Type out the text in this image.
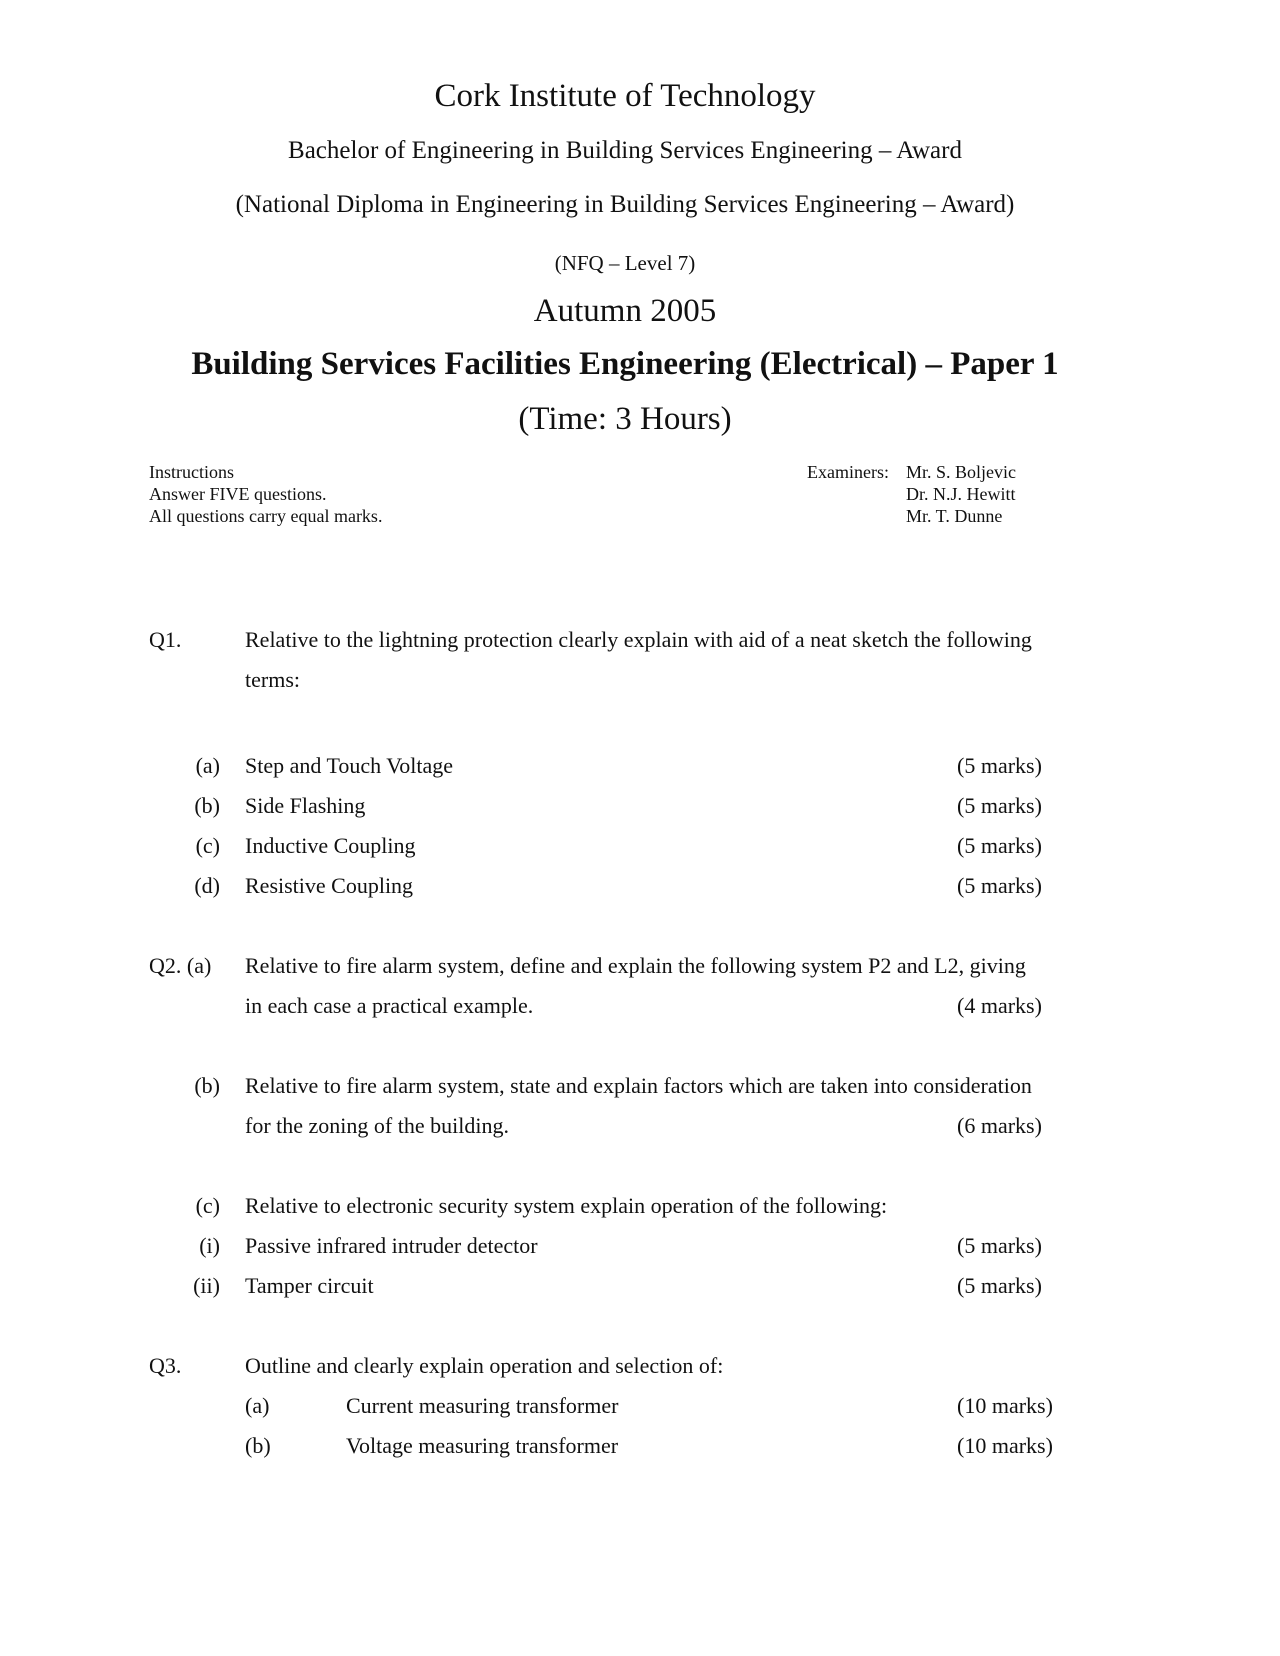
Cork Institute of Technology
Bachelor of Engineering in Building Services Engineering – Award
(National Diploma in Engineering in Building Services Engineering – Award)
(NFQ – Level 7)
Autumn 2005
Building Services Facilities Engineering (Electrical) – Paper 1
(Time: 3 Hours)
Instructions
Answer FIVE questions.
All questions carry equal marks.
Examiners: Mr. S. Boljevic
Dr. N.J. Hewitt
Mr. T. Dunne
Q1.	Relative to the lightning protection clearly explain with aid of a neat sketch the following
terms:
(a) Step and Touch Voltage	(5 marks)
(b) Side Flashing	(5 marks)
(c) Inductive Coupling	(5 marks)
(d) Resistive Coupling	(5 marks)
Q2. (a) Relative to fire alarm system, define and explain the following system P2 and L2, giving
in each case a practical example.	(4 marks)
(b) Relative to fire alarm system, state and explain factors which are taken into consideration
for the zoning of the building.	(6 marks)
(c) Relative to electronic security system explain operation of the following:
(i) Passive infrared intruder detector	(5 marks)
(ii) Tamper circuit	(5 marks)
Q3.	Outline and clearly explain operation and selection of:
(a)	Current measuring transformer	(10 marks)
(b)	Voltage measuring transformer	(10 marks)
